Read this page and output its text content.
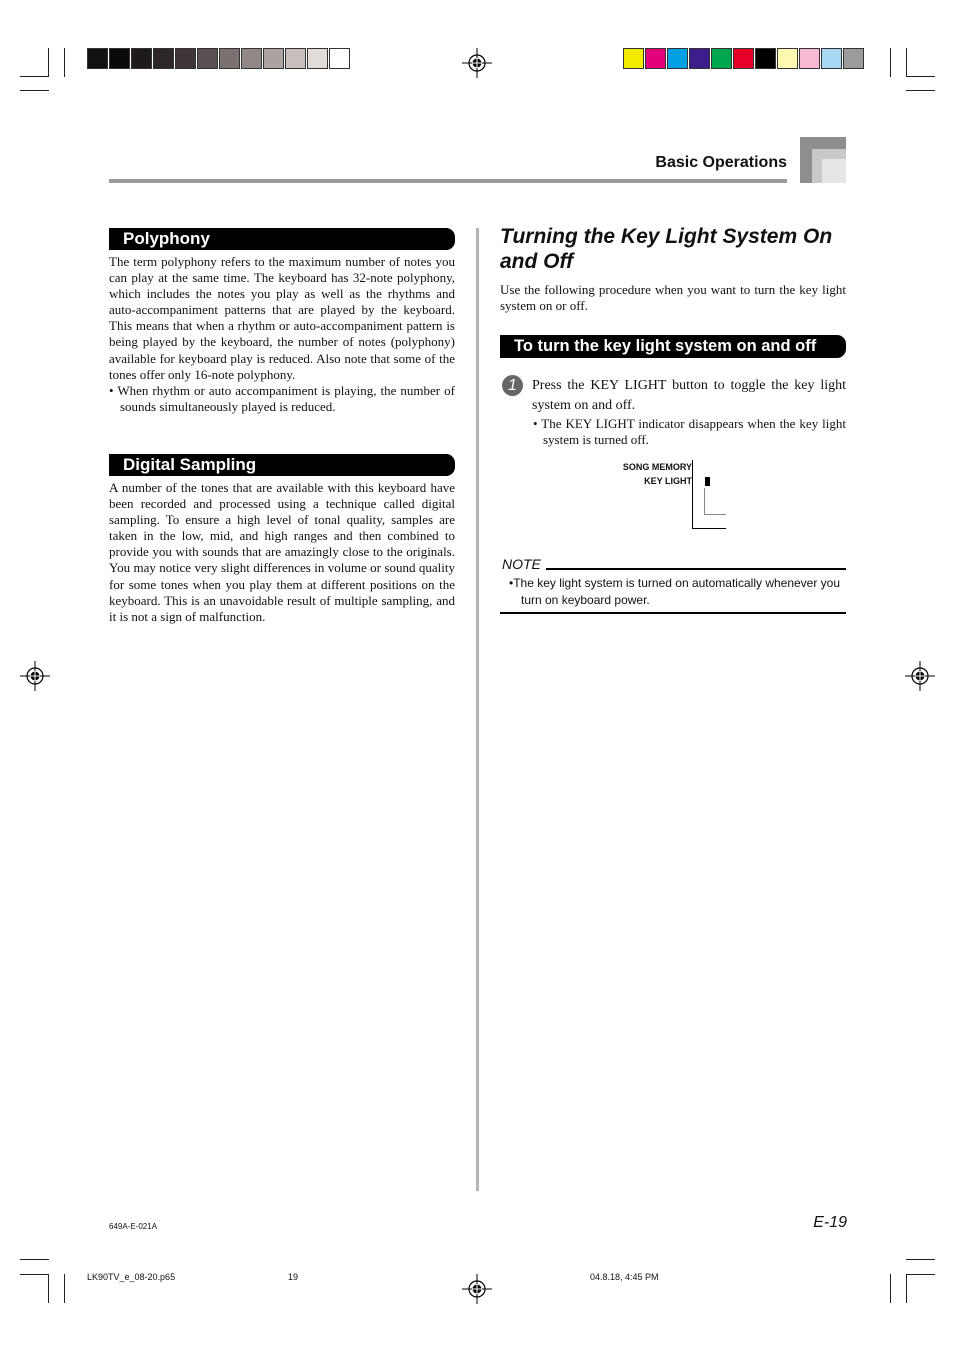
Basic Operations
Polyphony

The term polyphony refers to the maximum number of notes you can play at the same time. The keyboard has 32-note polyphony, which includes the notes you play as well as the rhythms and auto-accompaniment patterns that are played by the keyboard. This means that when a rhythm or auto-accompaniment pattern is being played by the keyboard, the number of notes (polyphony) available for keyboard play is reduced. Also note that some of the tones offer only 16-note polyphony.

• When rhythm or auto accompaniment is playing, the number of sounds simultaneously played is reduced.

Digital Sampling

A number of the tones that are available with this keyboard have been recorded and processed using a technique called digital sampling. To ensure a high level of tonal quality, samples are taken in the low, mid, and high ranges and then combined to provide you with sounds that are amazingly close to the originals. You may notice very slight differences in volume or sound quality for some tones when you play them at different positions on the keyboard. This is an unavoidable result of multiple sampling, and it is not a sign of malfunction.

Turning the Key Light System On and Off
Use the following procedure when you want to turn the key light system on or off.
To turn the key light system on and off
1	Press the KEY LIGHT button to toggle the key light system on and off.
• The KEY LIGHT indicator disappears when the key light system is turned off.
SONG MEMORY
KEY LIGHT
NOTE
•The key light system is turned on automatically whenever you turn on keyboard power.
E-19
649A-E-021A
LK90TV_e_08-20.p65	19	04.8.18, 4:45 PM
